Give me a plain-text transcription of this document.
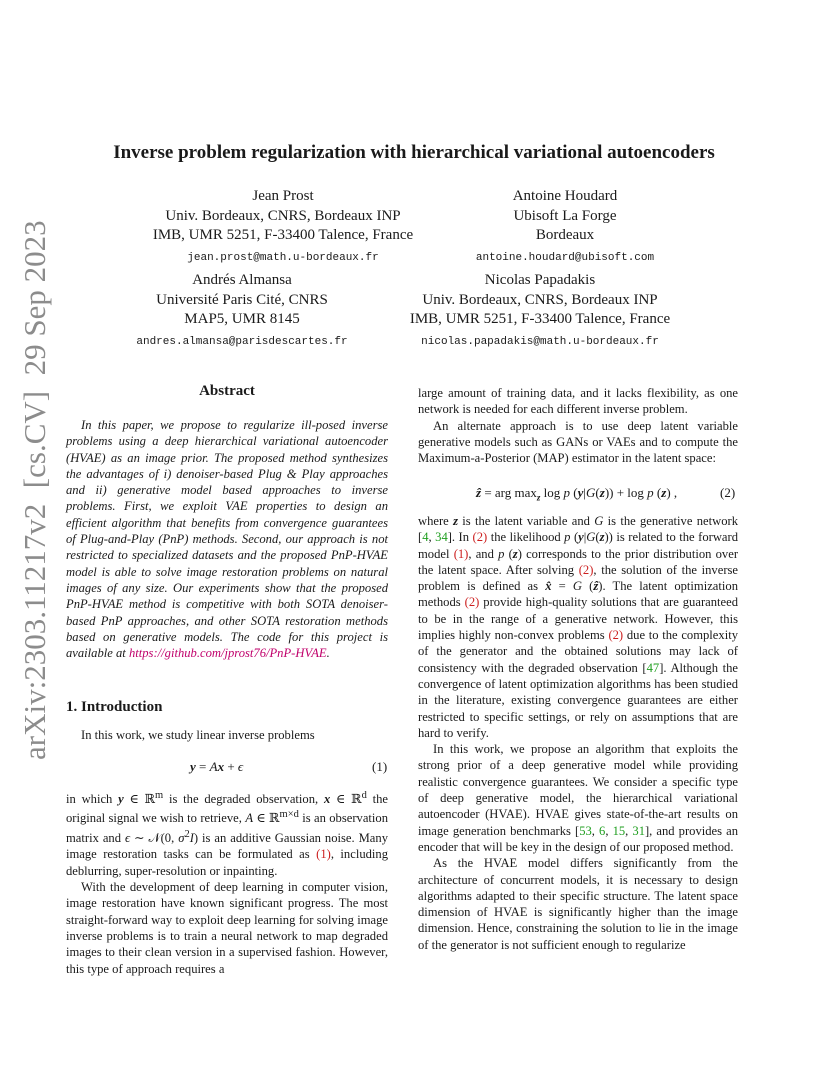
arXiv:2303.11217v2  [cs.CV]  29 Sep 2023
Inverse problem regularization with hierarchical variational autoencoders
Jean Prost
Univ. Bordeaux, CNRS, Bordeaux INP
IMB, UMR 5251, F-33400 Talence, France
jean.prost@math.u-bordeaux.fr
Antoine Houdard
Ubisoft La Forge
Bordeaux
antoine.houdard@ubisoft.com
Andrés Almansa
Université Paris Cité, CNRS
MAP5, UMR 8145
andres.almansa@parisdescartes.fr
Nicolas Papadakis
Univ. Bordeaux, CNRS, Bordeaux INP
IMB, UMR 5251, F-33400 Talence, France
nicolas.papadakis@math.u-bordeaux.fr
Abstract

In this paper, we propose to regularize ill-posed inverse problems using a deep hierarchical variational autoencoder (HVAE) as an image prior. The proposed method synthesizes the advantages of i) denoiser-based Plug & Play approaches and ii) generative model based approaches to inverse problems. First, we exploit VAE properties to design an efficient algorithm that benefits from convergence guarantees of Plug-and-Play (PnP) methods. Second, our approach is not restricted to specialized datasets and the proposed PnP-HVAE model is able to solve image restoration problems on natural images of any size. Our experiments show that the proposed PnP-HVAE method is competitive with both SOTA denoiser-based PnP approaches, and other SOTA restoration methods based on generative models. The code for this project is available at https://github.com/jprost76/PnP-HVAE.

1. Introduction

In this work, we study linear inverse problems

y = Ax + ϵ	(1)

in which y ∈ ℝ$^m$ is the degraded observation, x ∈ ℝ$^d$ the original signal we wish to retrieve, A ∈ ℝ$^{m\times d}$ is an observation matrix and ϵ ∼ 𝒩(0, $\sigma^2I$) is an additive Gaussian noise. Many image restoration tasks can be formulated as (1), including deblurring, super-resolution or inpainting.

With the development of deep learning in computer vision, image restoration have known significant progress. The most straight-forward way to exploit deep learning for solving image inverse problems is to train a neural network to map degraded images to their clean version in a supervised fashion. However, this type of approach requires a

large amount of training data, and it lacks flexibility, as one network is needed for each different inverse problem.

An alternate approach is to use deep latent variable generative models such as GANs or VAEs and to compute the Maximum-a-Posterior (MAP) estimator in the latent space:

ẑ = arg $\max_z \log p$ (y|G(z)) + log p (z) ,	(2)

where z is the latent variable and G is the generative network [4, 34]. In (2) the likelihood p (y|G(z)) is related to the forward model (1), and p (z) corresponds to the prior distribution over the latent space. After solving (2), the solution of the inverse problem is defined as x̂ = G (ẑ). The latent optimization methods (2) provide high-quality solutions that are guaranteed to be in the range of a generative network. However, this implies highly non-convex problems (2) due to the complexity of the generator and the obtained solutions may lack of consistency with the degraded observation [47]. Although the convergence of latent optimization algorithms has been studied in the literature, existing convergence guarantees are either restricted to specific settings, or rely on assumptions that are hard to verify.

In this work, we propose an algorithm that exploits the strong prior of a deep generative model while providing realistic convergence guarantees. We consider a specific type of deep generative model, the hierarchical variational autoencoder (HVAE). HVAE gives state-of-the-art results on image generation benchmarks [53, 6, 15, 31], and provides an encoder that will be key in the design of our proposed method.

As the HVAE model differs significantly from the architecture of concurrent models, it is necessary to design algorithms adapted to their specific structure. The latent space dimension of HVAE is significantly higher than the image dimension. Hence, constraining the solution to lie in the image of the generator is not sufficient enough to regularize
